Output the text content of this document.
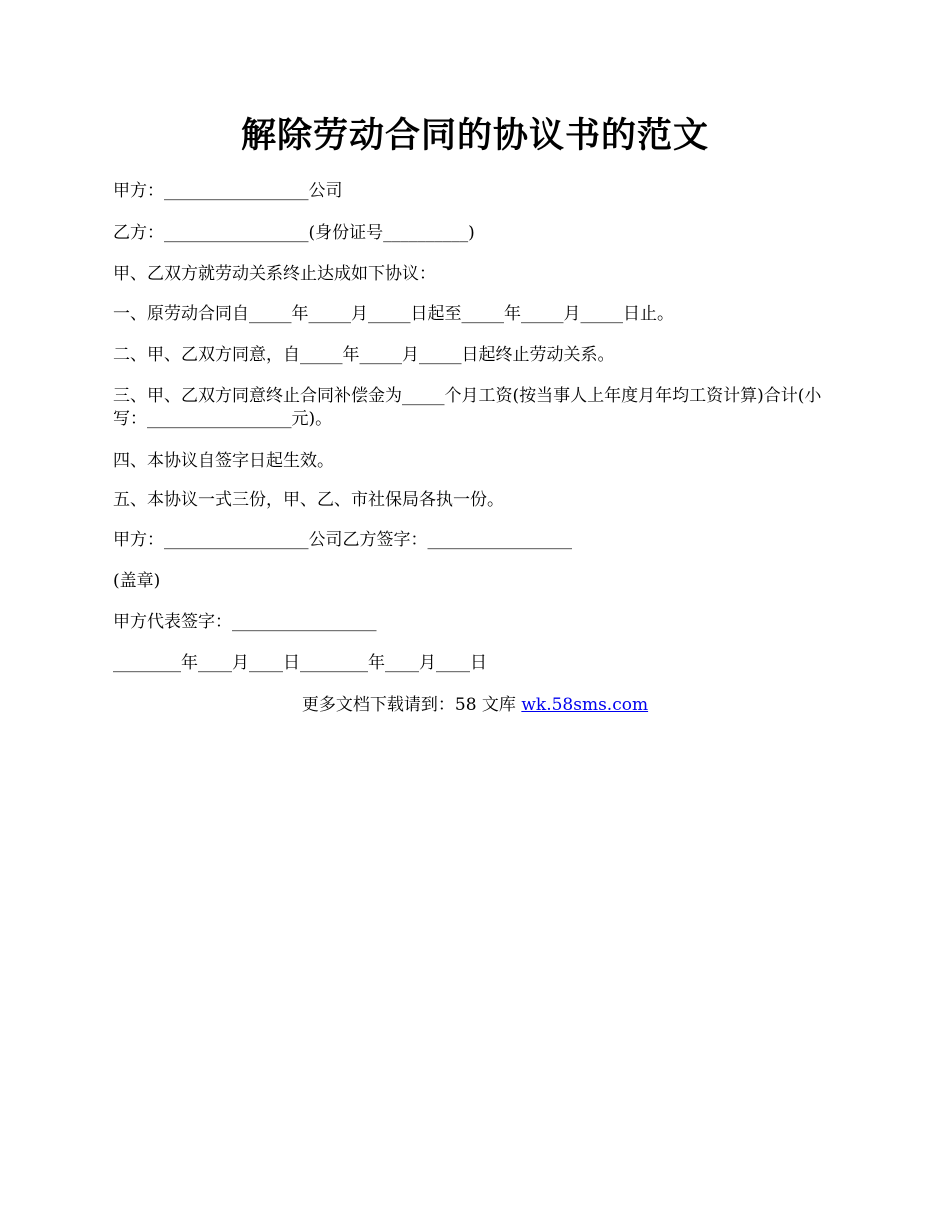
解除劳动合同的协议书的范文
甲方：_________________公司
乙方：_________________(身份证号__________)
甲、乙双方就劳动关系终止达成如下协议：
一、原劳动合同自_____年_____月_____日起至_____年_____月_____日止。
二、甲、乙双方同意，自_____年_____月_____日起终止劳动关系。
三、甲、乙双方同意终止合同补偿金为_____个月工资(按当事人上年度月年均工资计算)合计(小写：_________________元)。
四、本协议自签字日起生效。
五、本协议一式三份，甲、乙、市社保局各执一份。
甲方：_________________公司乙方签字：_________________
(盖章)
甲方代表签字：_________________
________年____月____日________年____月____日
更多文档下载请到：58 文库 wk.58sms.com
